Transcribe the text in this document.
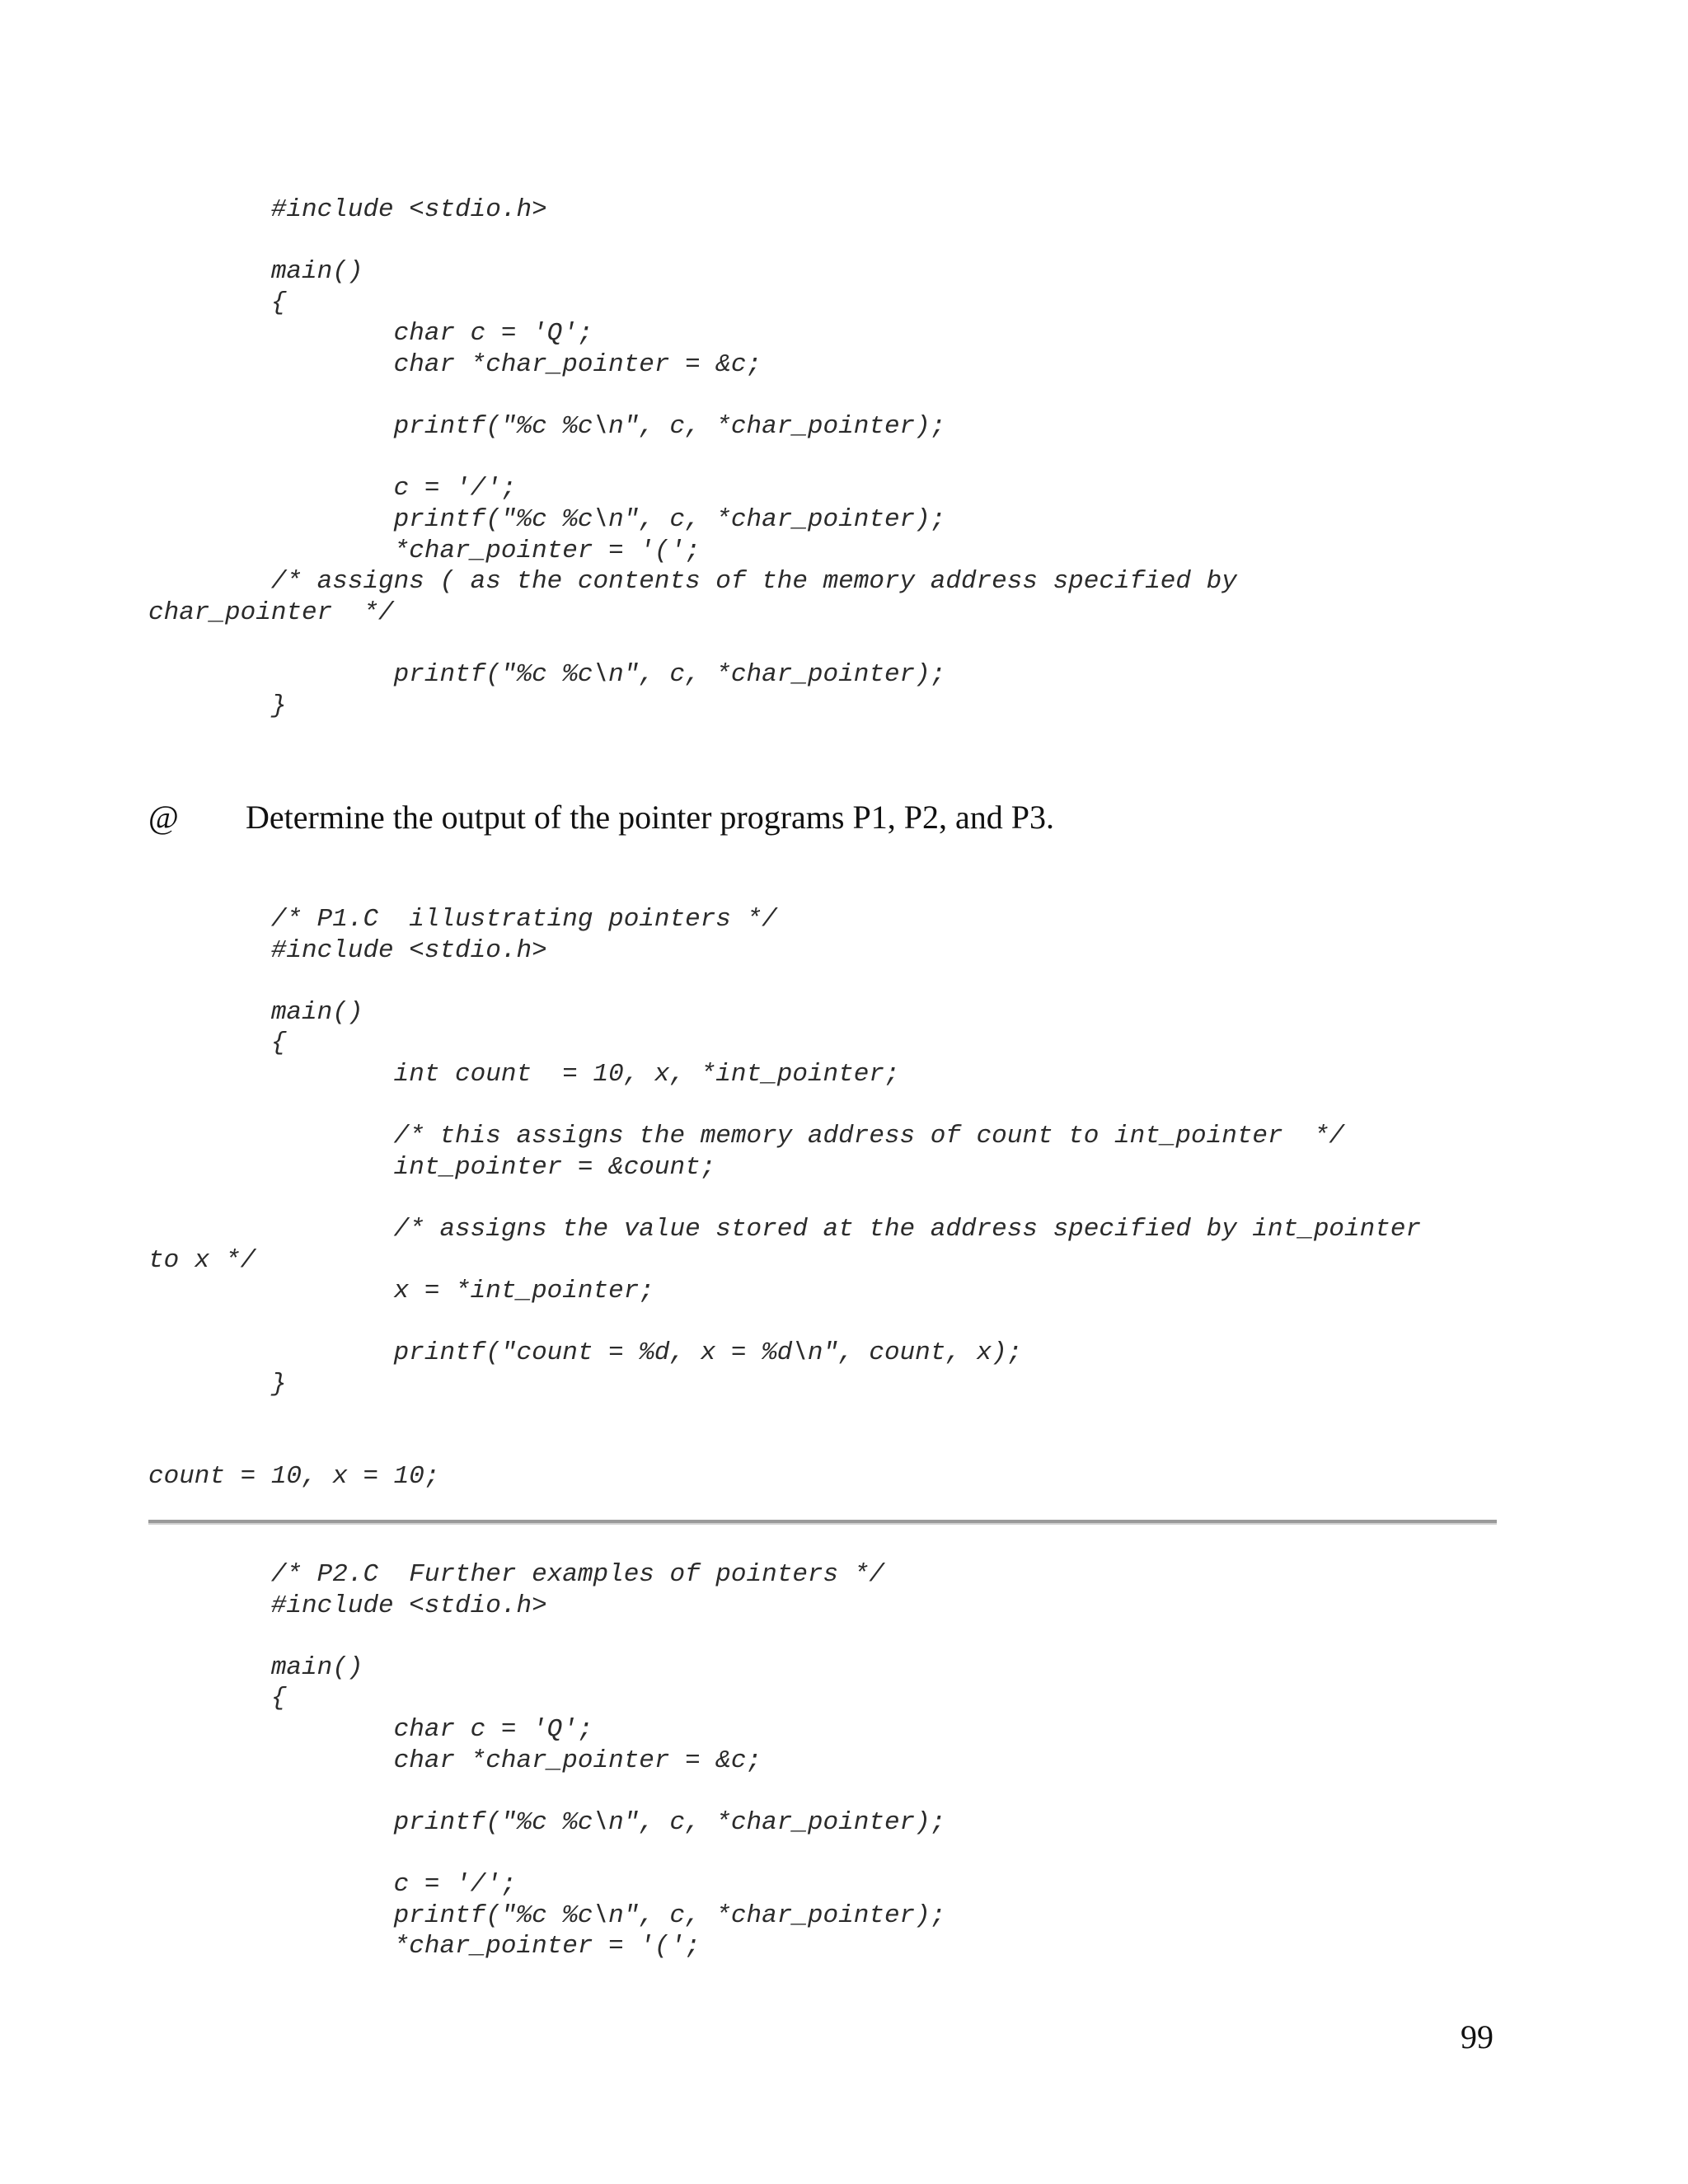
#include <stdio.h>

main()
{
char c = 'Q';
char *char_pointer = &c;

printf("%c %c\n", c, *char_pointer);

c = '/';
printf("%c %c\n", c, *char_pointer);
*char_pointer = '(';
/* assigns ( as the contents of the memory address specified by
char_pointer  */

printf("%c %c\n", c, *char_pointer);
}
@ Determine the output of the pointer programs P1, P2, and P3.
/* P1.C  illustrating pointers */
#include <stdio.h>

main()
{
int count  = 10, x, *int_pointer;

/* this assigns the memory address of count to int_pointer  */
int_pointer = &count;

/* assigns the value stored at the address specified by int_pointer
to x */
x = *int_pointer;

printf("count = %d, x = %d\n", count, x);
}
count = 10, x = 10;
/* P2.C  Further examples of pointers */
#include <stdio.h>

main()
{
char c = 'Q';
char *char_pointer = &c;

printf("%c %c\n", c, *char_pointer);

c = '/';
printf("%c %c\n", c, *char_pointer);
*char_pointer = '(';
99
